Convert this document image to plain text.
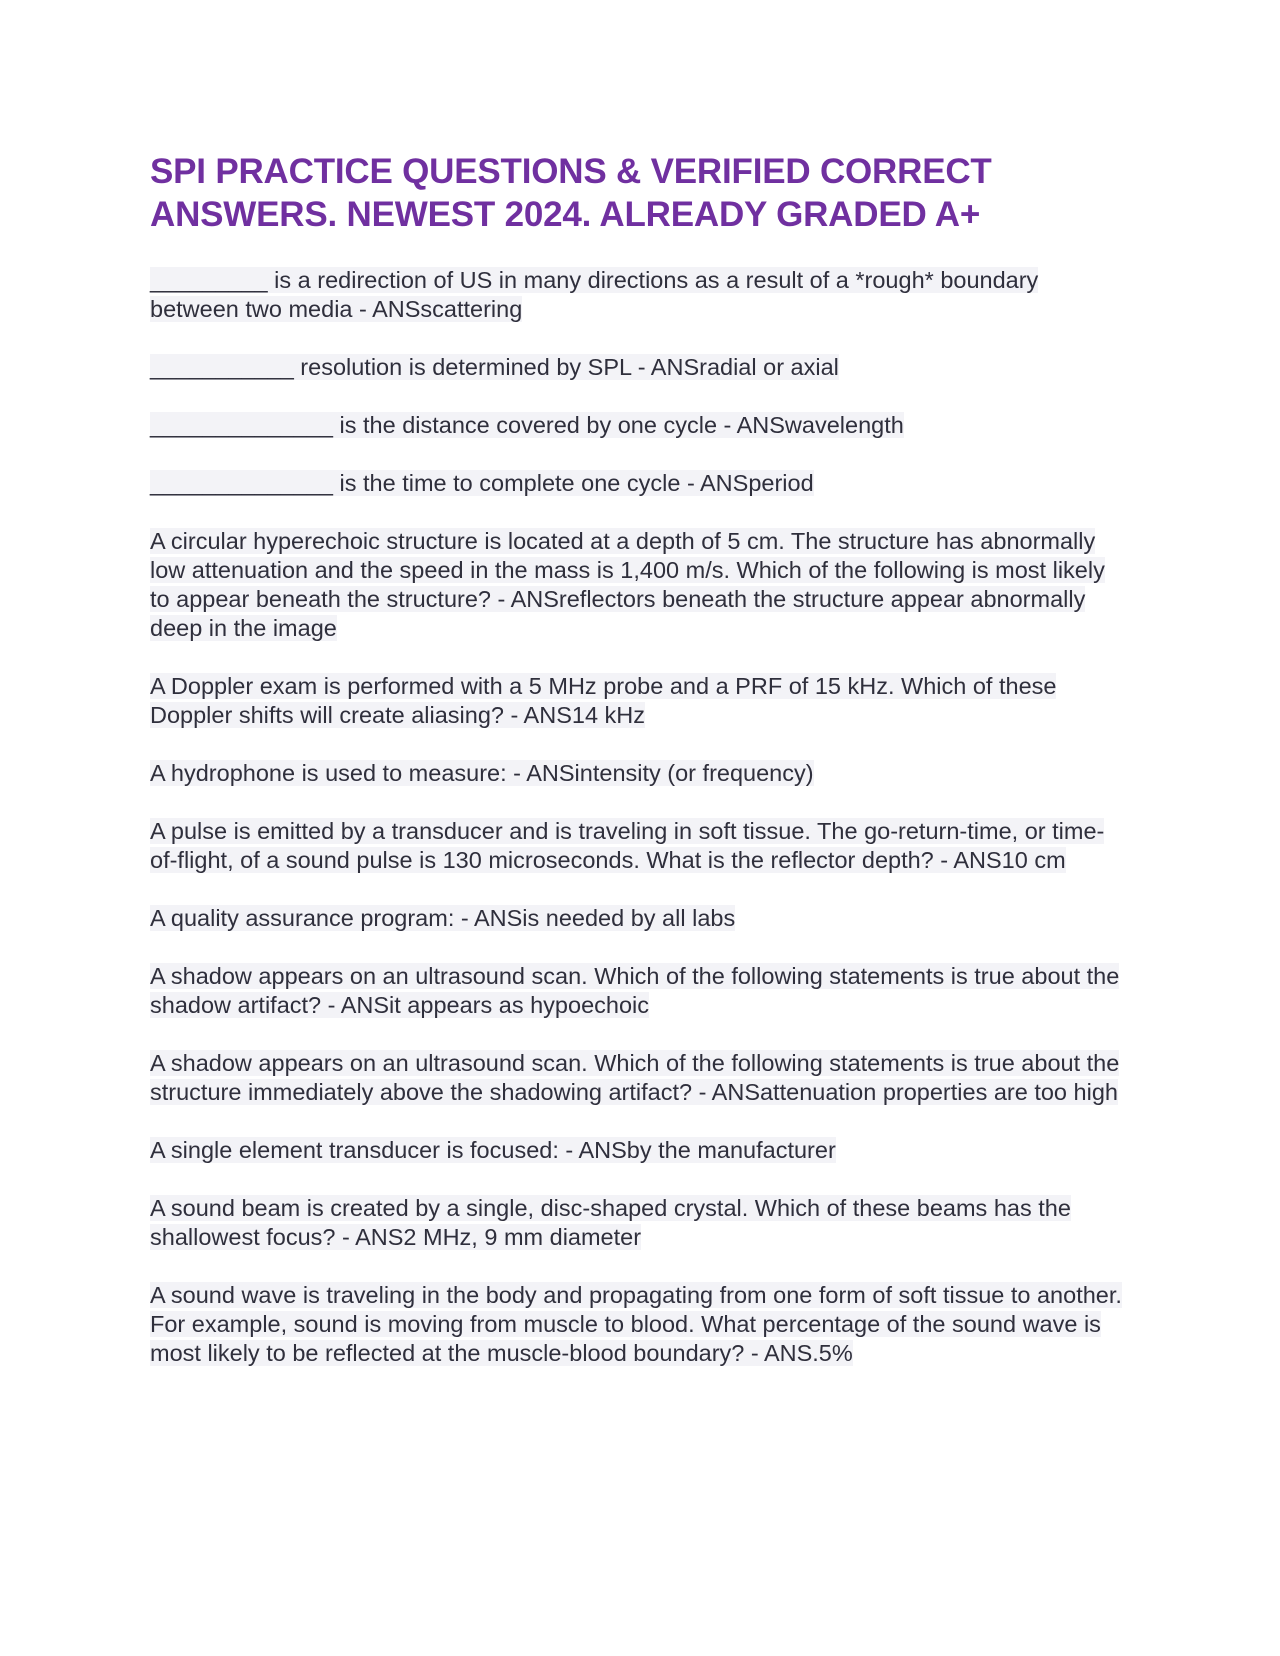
SPI PRACTICE QUESTIONS & VERIFIED CORRECT ANSWERS. NEWEST 2024. ALREADY GRADED A+

_________ is a redirection of US in many directions as a result of a *rough* boundary between two media - ANSscattering

___________ resolution is determined by SPL - ANSradial or axial

______________ is the distance covered by one cycle - ANSwavelength

______________ is the time to complete one cycle - ANSperiod

A circular hyperechoic structure is located at a depth of 5 cm. The structure has abnormally low attenuation and the speed in the mass is 1,400 m/s. Which of the following is most likely to appear beneath the structure? - ANSreflectors beneath the structure appear abnormally deep in the image

A Doppler exam is performed with a 5 MHz probe and a PRF of 15 kHz. Which of these Doppler shifts will create aliasing? - ANS14 kHz

A hydrophone is used to measure: - ANSintensity (or frequency)

A pulse is emitted by a transducer and is traveling in soft tissue. The go-return-time, or time-of-flight, of a sound pulse is 130 microseconds. What is the reflector depth? - ANS10 cm

A quality assurance program: - ANSis needed by all labs

A shadow appears on an ultrasound scan. Which of the following statements is true about the shadow artifact? - ANSit appears as hypoechoic

A shadow appears on an ultrasound scan. Which of the following statements is true about the structure immediately above the shadowing artifact? - ANSattenuation properties are too high

A single element transducer is focused: - ANSby the manufacturer

A sound beam is created by a single, disc-shaped crystal. Which of these beams has the shallowest focus? - ANS2 MHz, 9 mm diameter

A sound wave is traveling in the body and propagating from one form of soft tissue to another. For example, sound is moving from muscle to blood. What percentage of the sound wave is most likely to be reflected at the muscle-blood boundary? - ANS.5%
